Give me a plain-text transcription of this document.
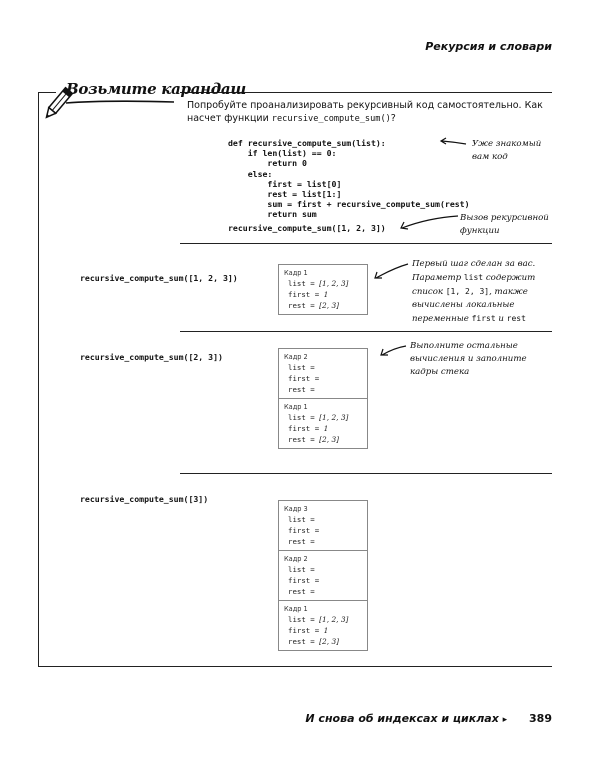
Рекурсия и словари
Возьмите карандаш
Попробуйте проанализировать рекурсивный код самостоятельно. Как
насчет функции recursive_compute_sum()?
def recursive_compute_sum(list):
if len(list) == 0:
return 0
else:
first = list[0]
rest = list[1:]
sum = first + recursive_compute_sum(rest)
return sum
recursive_compute_sum([1, 2, 3])
Уже знакомый
вам код
Вызов рекурсивной
функции
recursive_compute_sum([1, 2, 3])	Кадр 1
list = [1, 2, 3]
first = 1
rest = [2, 3]
Первый шаг сделан за вас.
Параметр list содержит
список [1, 2, 3], также
вычислены локальные
переменные first и rest
recursive_compute_sum([2, 3])	Кадр 2
list =
first =
rest =
Кадр 1
list = [1, 2, 3]
first = 1
rest = [2, 3]
Выполните остальные
вычисления и заполните
кадры стека
recursive_compute_sum([3])
Кадр 3
list =
first =
rest =
Кадр 2
list =
first =
rest =
Кадр 1
list = [1, 2, 3]
first = 1
rest = [2, 3]
И снова об индексах и циклах ▸ 389
